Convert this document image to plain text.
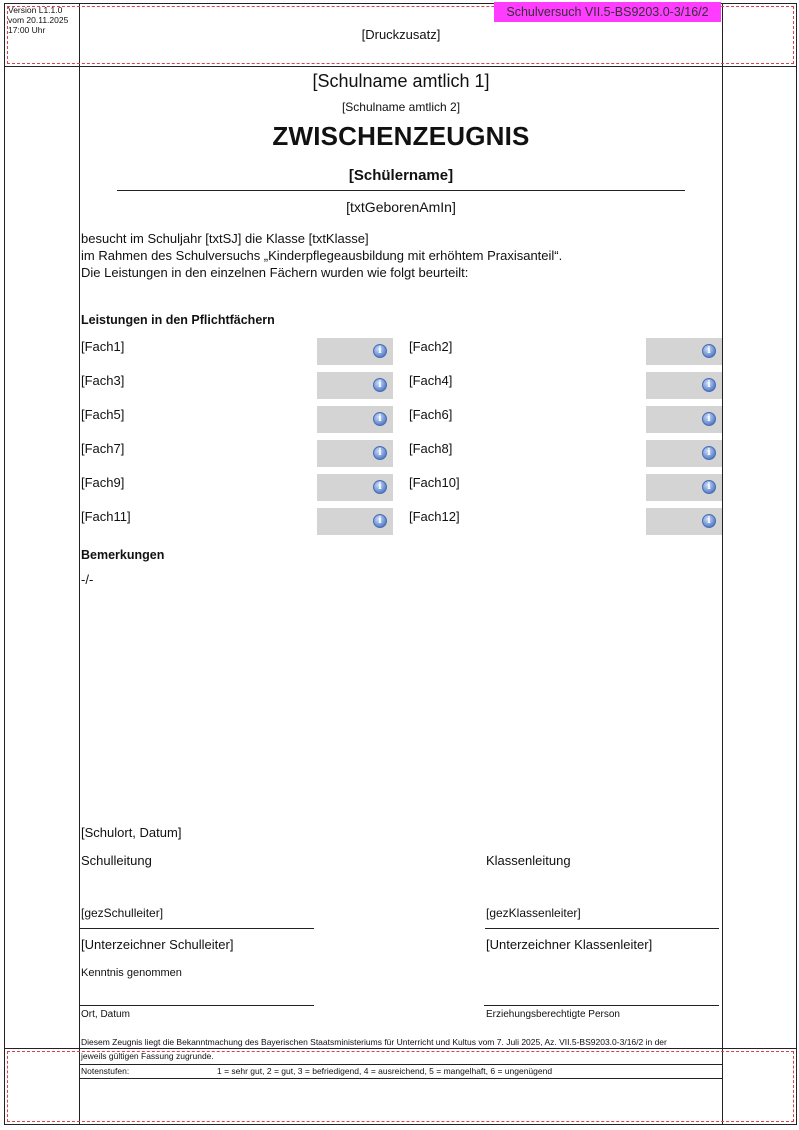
Version L1.1.0
vom 20.11.2025
17:00 Uhr
Schulversuch VII.5-BS9203.0-3/16/2
[Druckzusatz]
[Schulname amtlich 1]
[Schulname amtlich 2]
ZWISCHENZEUGNIS
[Schülername]
[txtGeborenAmIn]
besucht im Schuljahr [txtSJ] die Klasse [txtKlasse]
im Rahmen des Schulversuchs „Kinderpflegeausbildung mit erhöhtem Praxisanteil“.
Die Leistungen in den einzelnen Fächern wurden wie folgt beurteilt:
Leistungen in den Pflichtfächern
[Fach1]	i	[Fach2]	i
[Fach3]	i	[Fach4]	i
[Fach5]	i	[Fach6]	i
[Fach7]	i	[Fach8]	i
[Fach9]	i	[Fach10]	i
[Fach11]	i	[Fach12]	i
Bemerkungen
-/-
[Schulort, Datum]
Schulleitung	Klassenleitung
[gezSchulleiter]	[gezKlassenleiter]
[Unterzeichner Schulleiter]	[Unterzeichner Klassenleiter]
Kenntnis genommen
Ort, Datum	Erziehungsberechtigte Person
Diesem Zeugnis liegt die Bekanntmachung des Bayerischen Staatsministeriums für Unterricht und Kultus vom 7. Juli 2025, Az. VII.5-BS9203.0-3/16/2 in der
jeweils gültigen Fassung zugrunde.
Notenstufen:	1 = sehr gut, 2 = gut, 3 = befriedigend, 4 = ausreichend, 5 = mangelhaft, 6 = ungenügend
